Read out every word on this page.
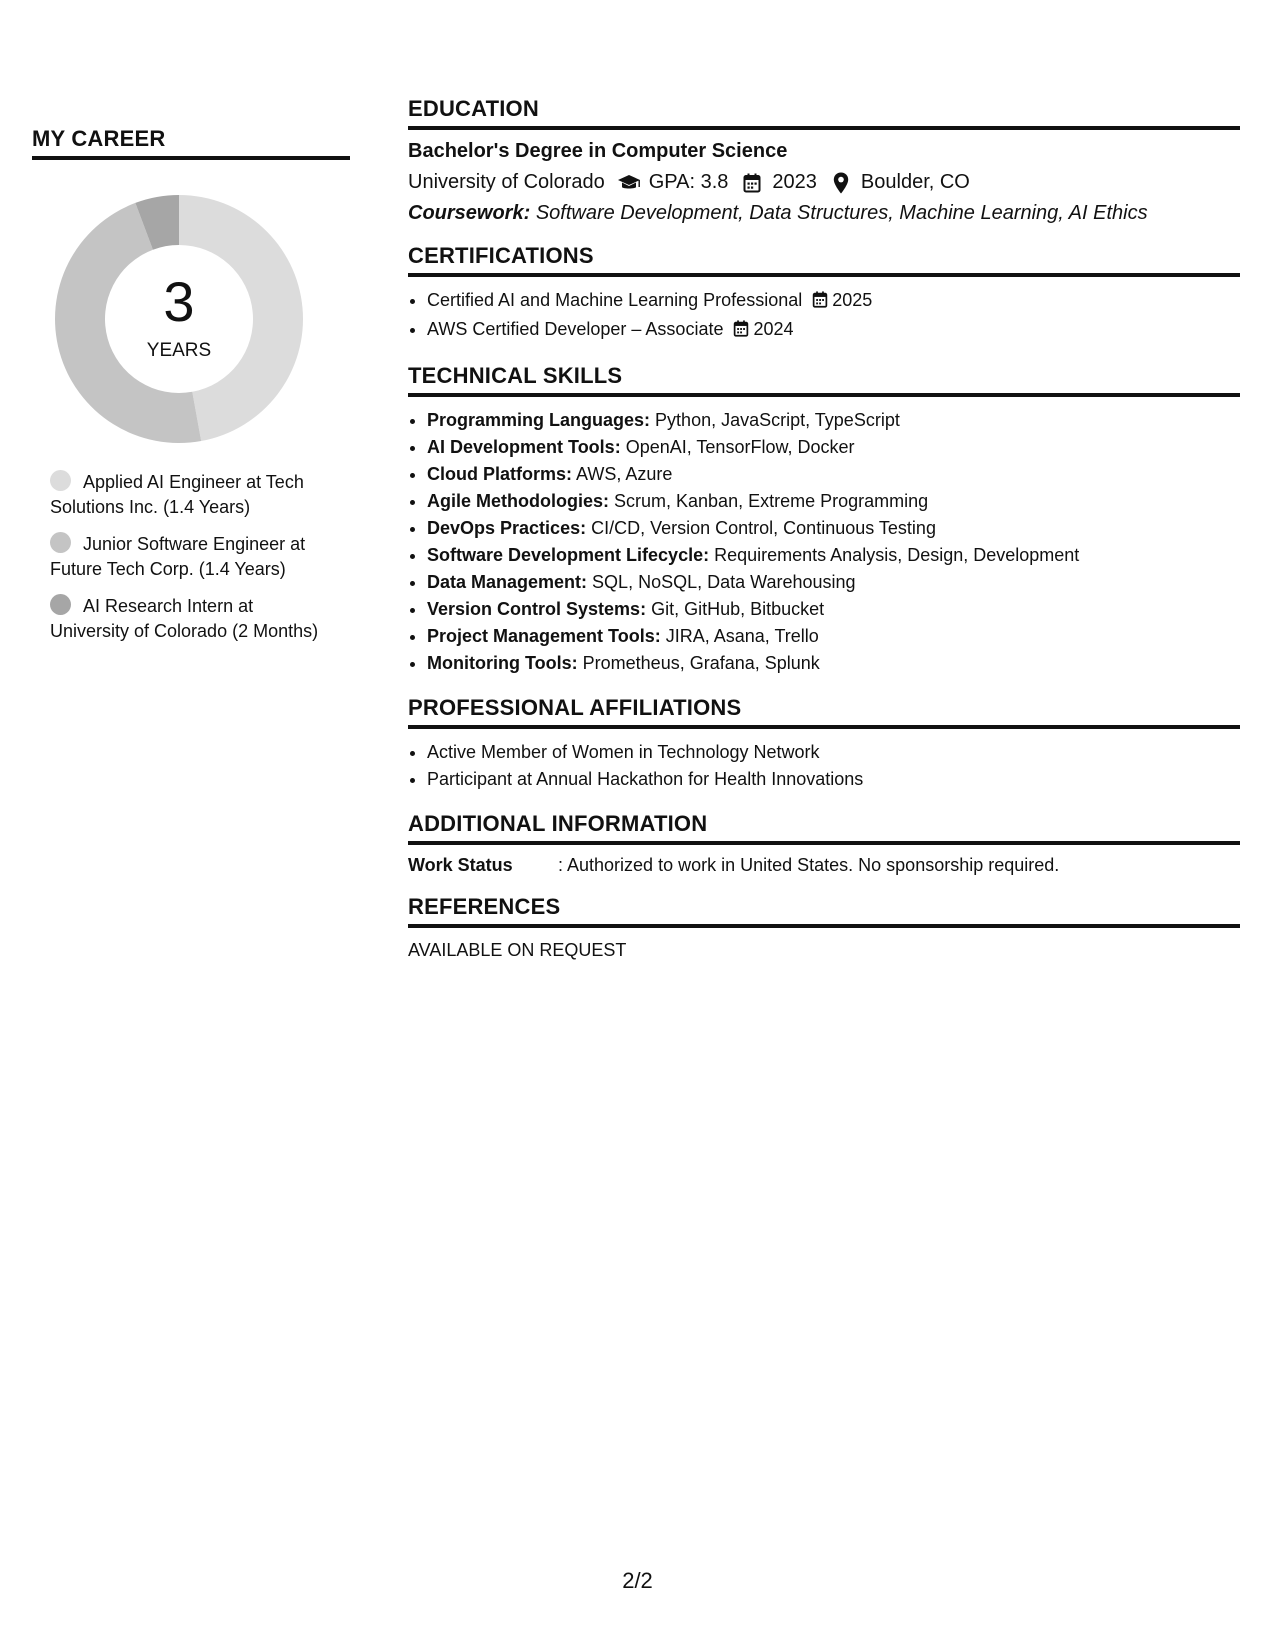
MY CAREER
3
YEARS
Applied AI Engineer at Tech Solutions Inc. (1.4 Years)
Junior Software Engineer at Future Tech Corp. (1.4 Years)
AI Research Intern at University of Colorado (2 Months)
EDUCATION
Bachelor's Degree in Computer Science
University of Colorado GPA: 3.8 2023 Boulder, CO
Coursework: Software Development, Data Structures, Machine Learning, AI Ethics
CERTIFICATIONS
• Certified AI and Machine Learning Professional 2025
• AWS Certified Developer – Associate 2024
TECHNICAL SKILLS
• Programming Languages: Python, JavaScript, TypeScript
• AI Development Tools: OpenAI, TensorFlow, Docker
• Cloud Platforms: AWS, Azure
• Agile Methodologies: Scrum, Kanban, Extreme Programming
• DevOps Practices: CI/CD, Version Control, Continuous Testing
• Software Development Lifecycle: Requirements Analysis, Design, Development
• Data Management: SQL, NoSQL, Data Warehousing
• Version Control Systems: Git, GitHub, Bitbucket
• Project Management Tools: JIRA, Asana, Trello
• Monitoring Tools: Prometheus, Grafana, Splunk
PROFESSIONAL AFFILIATIONS
• Active Member of Women in Technology Network
• Participant at Annual Hackathon for Health Innovations
ADDITIONAL INFORMATION
Work Status	: Authorized to work in United States. No sponsorship required.
REFERENCES
AVAILABLE ON REQUEST
2/2
